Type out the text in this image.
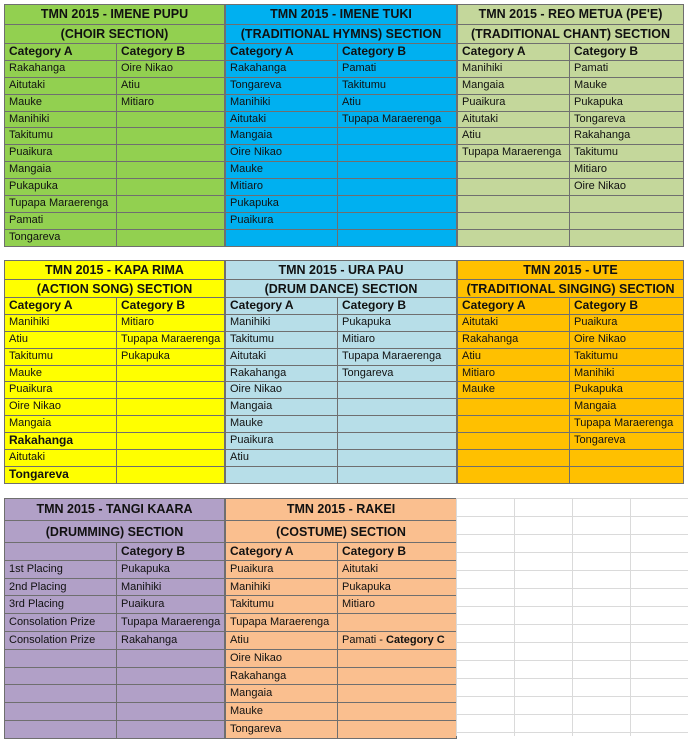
TMN 2015 - IMENE PUPU
(CHOIR SECTION)
Category A	Category B
Rakahanga	Oire Nikao
Aitutaki	Atiu
Mauke	Mitiaro
Manihiki
Takitumu
Puaikura
Mangaia
Pukapuka
Tupapa Maraerenga
Pamati
Tongareva
TMN 2015 - IMENE TUKI
(TRADITIONAL HYMNS) SECTION
Category A	Category B
Rakahanga	Pamati
Tongareva	Takitumu
Manihiki	Atiu
Aitutaki	Tupapa Maraerenga
Mangaia
Oire Nikao
Mauke
Mitiaro
Pukapuka
Puaikura
TMN 2015 - REO METUA (PE'E)
(TRADITIONAL CHANT) SECTION
Category A	Category B
Manihiki	Pamati
Mangaia	Mauke
Puaikura	Pukapuka
Aitutaki	Tongareva
Atiu	Rakahanga
Tupapa Maraerenga	Takitumu
Mitiaro
Oire Nikao
TMN 2015 - KAPA RIMA
(ACTION SONG) SECTION
Category A	Category B
Manihiki	Mitiaro
Atiu	Tupapa Maraerenga
Takitumu	Pukapuka
Mauke
Puaikura
Oire Nikao
Mangaia
Rakahanga
Aitutaki
Tongareva
TMN 2015 - URA PAU
(DRUM DANCE) SECTION
Category A	Category B
Manihiki	Pukapuka
Takitumu	Mitiaro
Aitutaki	Tupapa Maraerenga
Rakahanga	Tongareva
Oire Nikao
Mangaia
Mauke
Puaikura
Atiu
TMN 2015 - UTE
(TRADITIONAL SINGING) SECTION
Category A	Category B
Aitutaki	Puaikura
Rakahanga	Oire Nikao
Atiu	Takitumu
Mitiaro	Manihiki
Mauke	Pukapuka
Mangaia
Tupapa Maraerenga
Tongareva
TMN 2015 - TANGI KAARA
(DRUMMING) SECTION
Category B
1st Placing	Pukapuka
2nd Placing	Manihiki
3rd Placing	Puaikura
Consolation Prize	Tupapa Maraerenga
Consolation Prize	Rakahanga
TMN 2015 - RAKEI
(COSTUME) SECTION
Category A	Category B
Puaikura	Aitutaki
Manihiki	Pukapuka
Takitumu	Mitiaro
Tupapa Maraerenga
Atiu	Pamati - Category C
Oire Nikao
Rakahanga
Mangaia
Mauke
Tongareva
